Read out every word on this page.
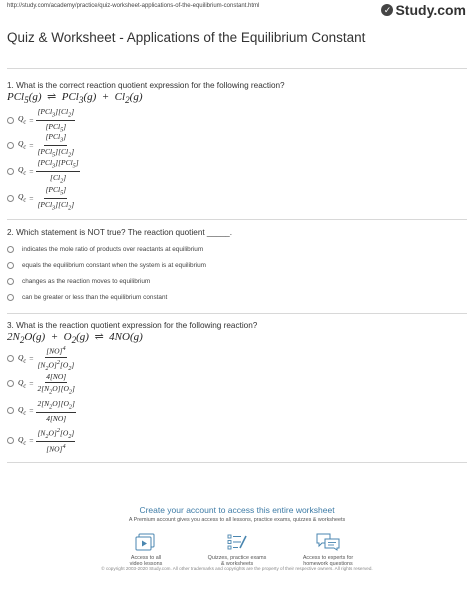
http://study.com/academy/practice/quiz-worksheet-applications-of-the-equilibrium-constant.html	✓ Study.com
Quiz & Worksheet - Applications of the Equilibrium Constant
1. What is the correct reaction quotient expression for the following reaction?
PCl$_5$(g)  ⇌  $PCl_3(g) + Cl_2(g)$
$Q_c = \frac{[PCl_3][Cl_2]}{[PCl_5]}$
$Q_c = \frac{[PCl_3]}{[PCl_5][Cl_2]}$
$Q_c = \frac{[PCl_3][PCl_5]}{[Cl_2]}$
$Q_c = \frac{[PCl_5]}{[PCl_3][Cl_2]}$
2. Which statement is NOT true? The reaction quotient _____.
indicates the mole ratio of products over reactants at equilibrium
equals the equilibrium constant when the system is at equilibrium
changes as the reaction moves to equilibrium
can be greater or less than the equilibrium constant
3. What is the reaction quotient expression for the following reaction?
$2N_2O(g) + O_2(g)$  ⇌  4NO(g)
$Q_c = \frac{[NO]^4}{[N_2O]^2[O_2]}$
$Q_c = \frac{4[NO]}{2[N_2O][O_2]}$
$Q_c = \frac{2[N_2O][O_2]}{4[NO]}$
$Q_c = \frac{[N_2O]^2[O_2]}{[NO]^4}$
Create your account to access this entire worksheet
A Premium account gives you access to all lessons, practice exams, quizzes & worksheets
Access to all
video lessons
Quizzes, practice exams
& worksheets
Access to experts for
homework questions
© copyright 2003-2020 Study.com. All other trademarks and copyrights are the property of their respective owners. All rights reserved.
